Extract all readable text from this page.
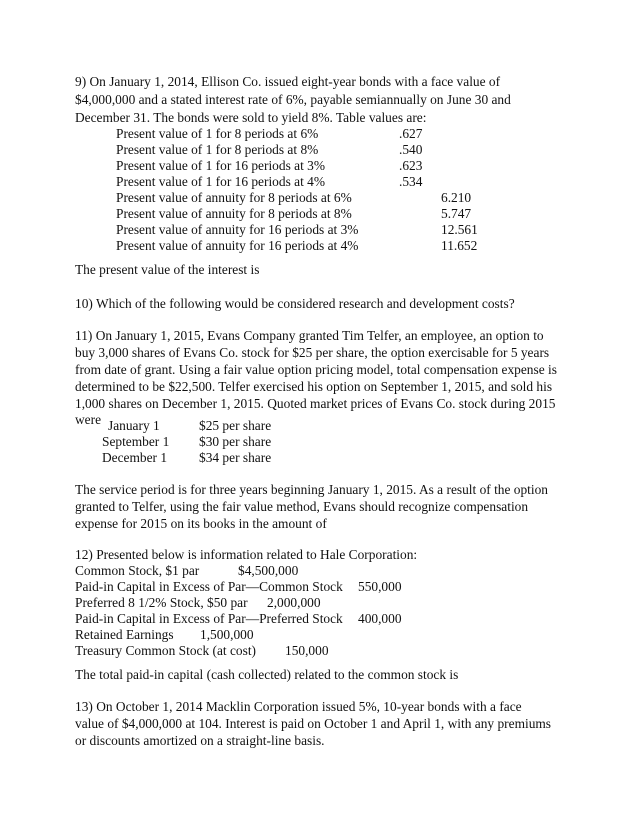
9) On January 1, 2014, Ellison Co. issued eight-year bonds with a face value of
$4,000,000 and a stated interest rate of 6%, payable semiannually on June 30 and
December 31. The bonds were sold to yield 8%. Table values are:
Present value of 1 for 8 periods at 6%	.627
Present value of 1 for 8 periods at 8%	.540
Present value of 1 for 16 periods at 3%	.623
Present value of 1 for 16 periods at 4%	.534
Present value of annuity for 8 periods at 6%	6.210
Present value of annuity for 8 periods at 8%	5.747
Present value of annuity for 16 periods at 3%	12.561
Present value of annuity for 16 periods at 4%	11.652
The present value of the interest is
10) Which of the following would be considered research and development costs?
11) On January 1, 2015, Evans Company granted Tim Telfer, an employee, an option to
buy 3,000 shares of Evans Co. stock for $25 per share, the option exercisable for 5 years
from date of grant. Using a fair value option pricing model, total compensation expense is
determined to be $22,500. Telfer exercised his option on September 1, 2015, and sold his
1,000 shares on December 1, 2015. Quoted market prices of Evans Co. stock during 2015
were January 1	$25 per share
September 1 $30 per share
December 1 $34 per share
The service period is for three years beginning January 1, 2015. As a result of the option
granted to Telfer, using the fair value method, Evans should recognize compensation
expense for 2015 on its books in the amount of
12) Presented below is information related to Hale Corporation:
Common Stock, $1 par	$4,500,000
Paid-in Capital in Excess of Par—Common Stock 550,000
Preferred 8 1/2% Stock, $50 par 2,000,000
Paid-in Capital in Excess of Par—Preferred Stock 400,000
Retained Earnings 1,500,000
Treasury Common Stock (at cost) 150,000
The total paid-in capital (cash collected) related to the common stock is
13) On October 1, 2014 Macklin Corporation issued 5%, 10-year bonds with a face
value of $4,000,000 at 104. Interest is paid on October 1 and April 1, with any premiums
or discounts amortized on a straight-line basis.
